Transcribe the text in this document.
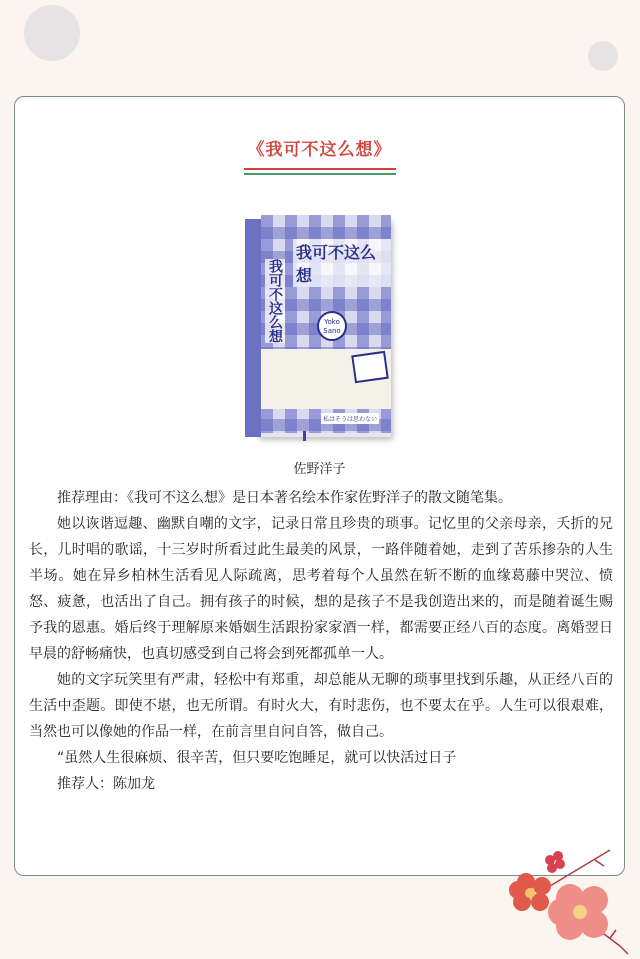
《我可不这么想》
我可不这么想
我可不这么想	Yoko Sano
私はそうは思わない
佐野洋子

推荐理由：《我可不这么想》是日本著名绘本作家佐野洋子的散文随笔集。

她以诙谐逗趣、幽默自嘲的文字，记录日常且珍贵的琐事。记忆里的父亲母亲，夭折的兄长，儿时唱的歌谣，十三岁时所看过此生最美的风景，一路伴随着她，走到了苦乐掺杂的人生半场。她在异乡柏林生活看见人际疏离，思考着每个人虽然在斩不断的血缘葛藤中哭泣、愤怒、疲惫，也活出了自己。拥有孩子的时候，想的是孩子不是我创造出来的，而是随着诞生赐予我的恩惠。婚后终于理解原来婚姻生活跟扮家家酒一样，都需要正经八百的态度。离婚翌日早晨的舒畅痛快，也真切感受到自己将会到死都孤单一人。

她的文字玩笑里有严肃，轻松中有郑重，却总能从无聊的琐事里找到乐趣，从正经八百的生活中歪题。即使不堪，也无所谓。有时火大，有时悲伤，也不要太在乎。人生可以很艰难，当然也可以像她的作品一样，在前言里自问自答，做自己。

“虽然人生很麻烦、很辛苦，但只要吃饱睡足，就可以快活过日子

推荐人：陈加龙
